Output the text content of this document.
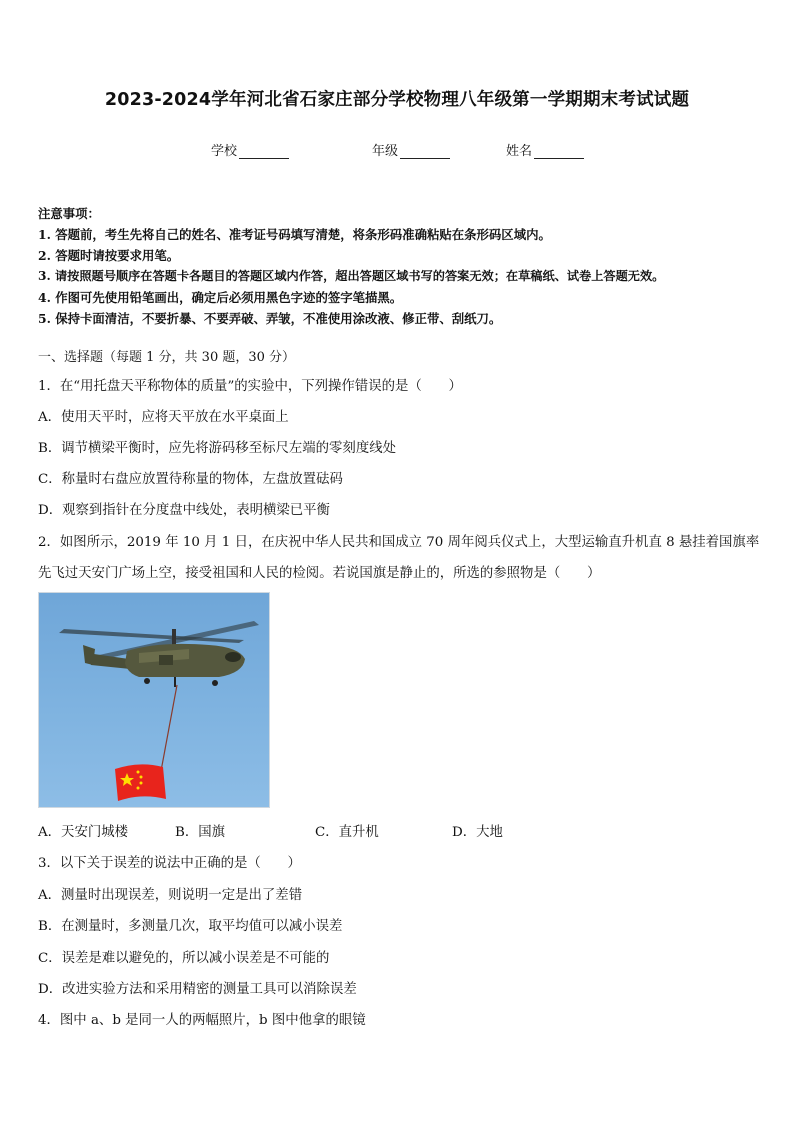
2023-2024学年河北省石家庄部分学校物理八年级第一学期期末考试试题
学校	年级	姓名
注意事项：
1. 答题前，考生先将自己的姓名、准考证号码填写清楚，将条形码准确粘贴在条形码区域内。
2. 答题时请按要求用笔。
3. 请按照题号顺序在答题卡各题目的答题区域内作答，超出答题区域书写的答案无效；在草稿纸、试卷上答题无效。
4. 作图可先使用铅笔画出，确定后必须用黑色字迹的签字笔描黑。
5. 保持卡面清洁，不要折暴、不要弄破、弄皱，不准使用涂改液、修正带、刮纸刀。
一、选择题（每题 1 分，共 30 题，30 分）
1．在“用托盘天平称物体的质量”的实验中，下列操作错误的是（　　）
A．使用天平时，应将天平放在水平桌面上
B．调节横梁平衡时，应先将游码移至标尺左端的零刻度线处
C．称量时右盘应放置待称量的物体，左盘放置砝码
D．观察到指针在分度盘中线处，表明横梁已平衡
2．如图所示，2019 年 10 月 1 日，在庆祝中华人民共和国成立 70 周年阅兵仪式上，大型运输直升机直 8 悬挂着国旗率
先飞过天安门广场上空，接受祖国和人民的检阅。若说国旗是静止的，所选的参照物是（　　）
A．天安门城楼	B．国旗	C．直升机	D．大地
3．以下关于误差的说法中正确的是（　　）
A．测量时出现误差，则说明一定是出了差错
B．在测量时，多测量几次，取平均值可以减小误差
C．误差是难以避免的，所以减小误差是不可能的
D．改进实验方法和采用精密的测量工具可以消除误差
4．图中 a、b 是同一人的两幅照片，b 图中他拿的眼镜
